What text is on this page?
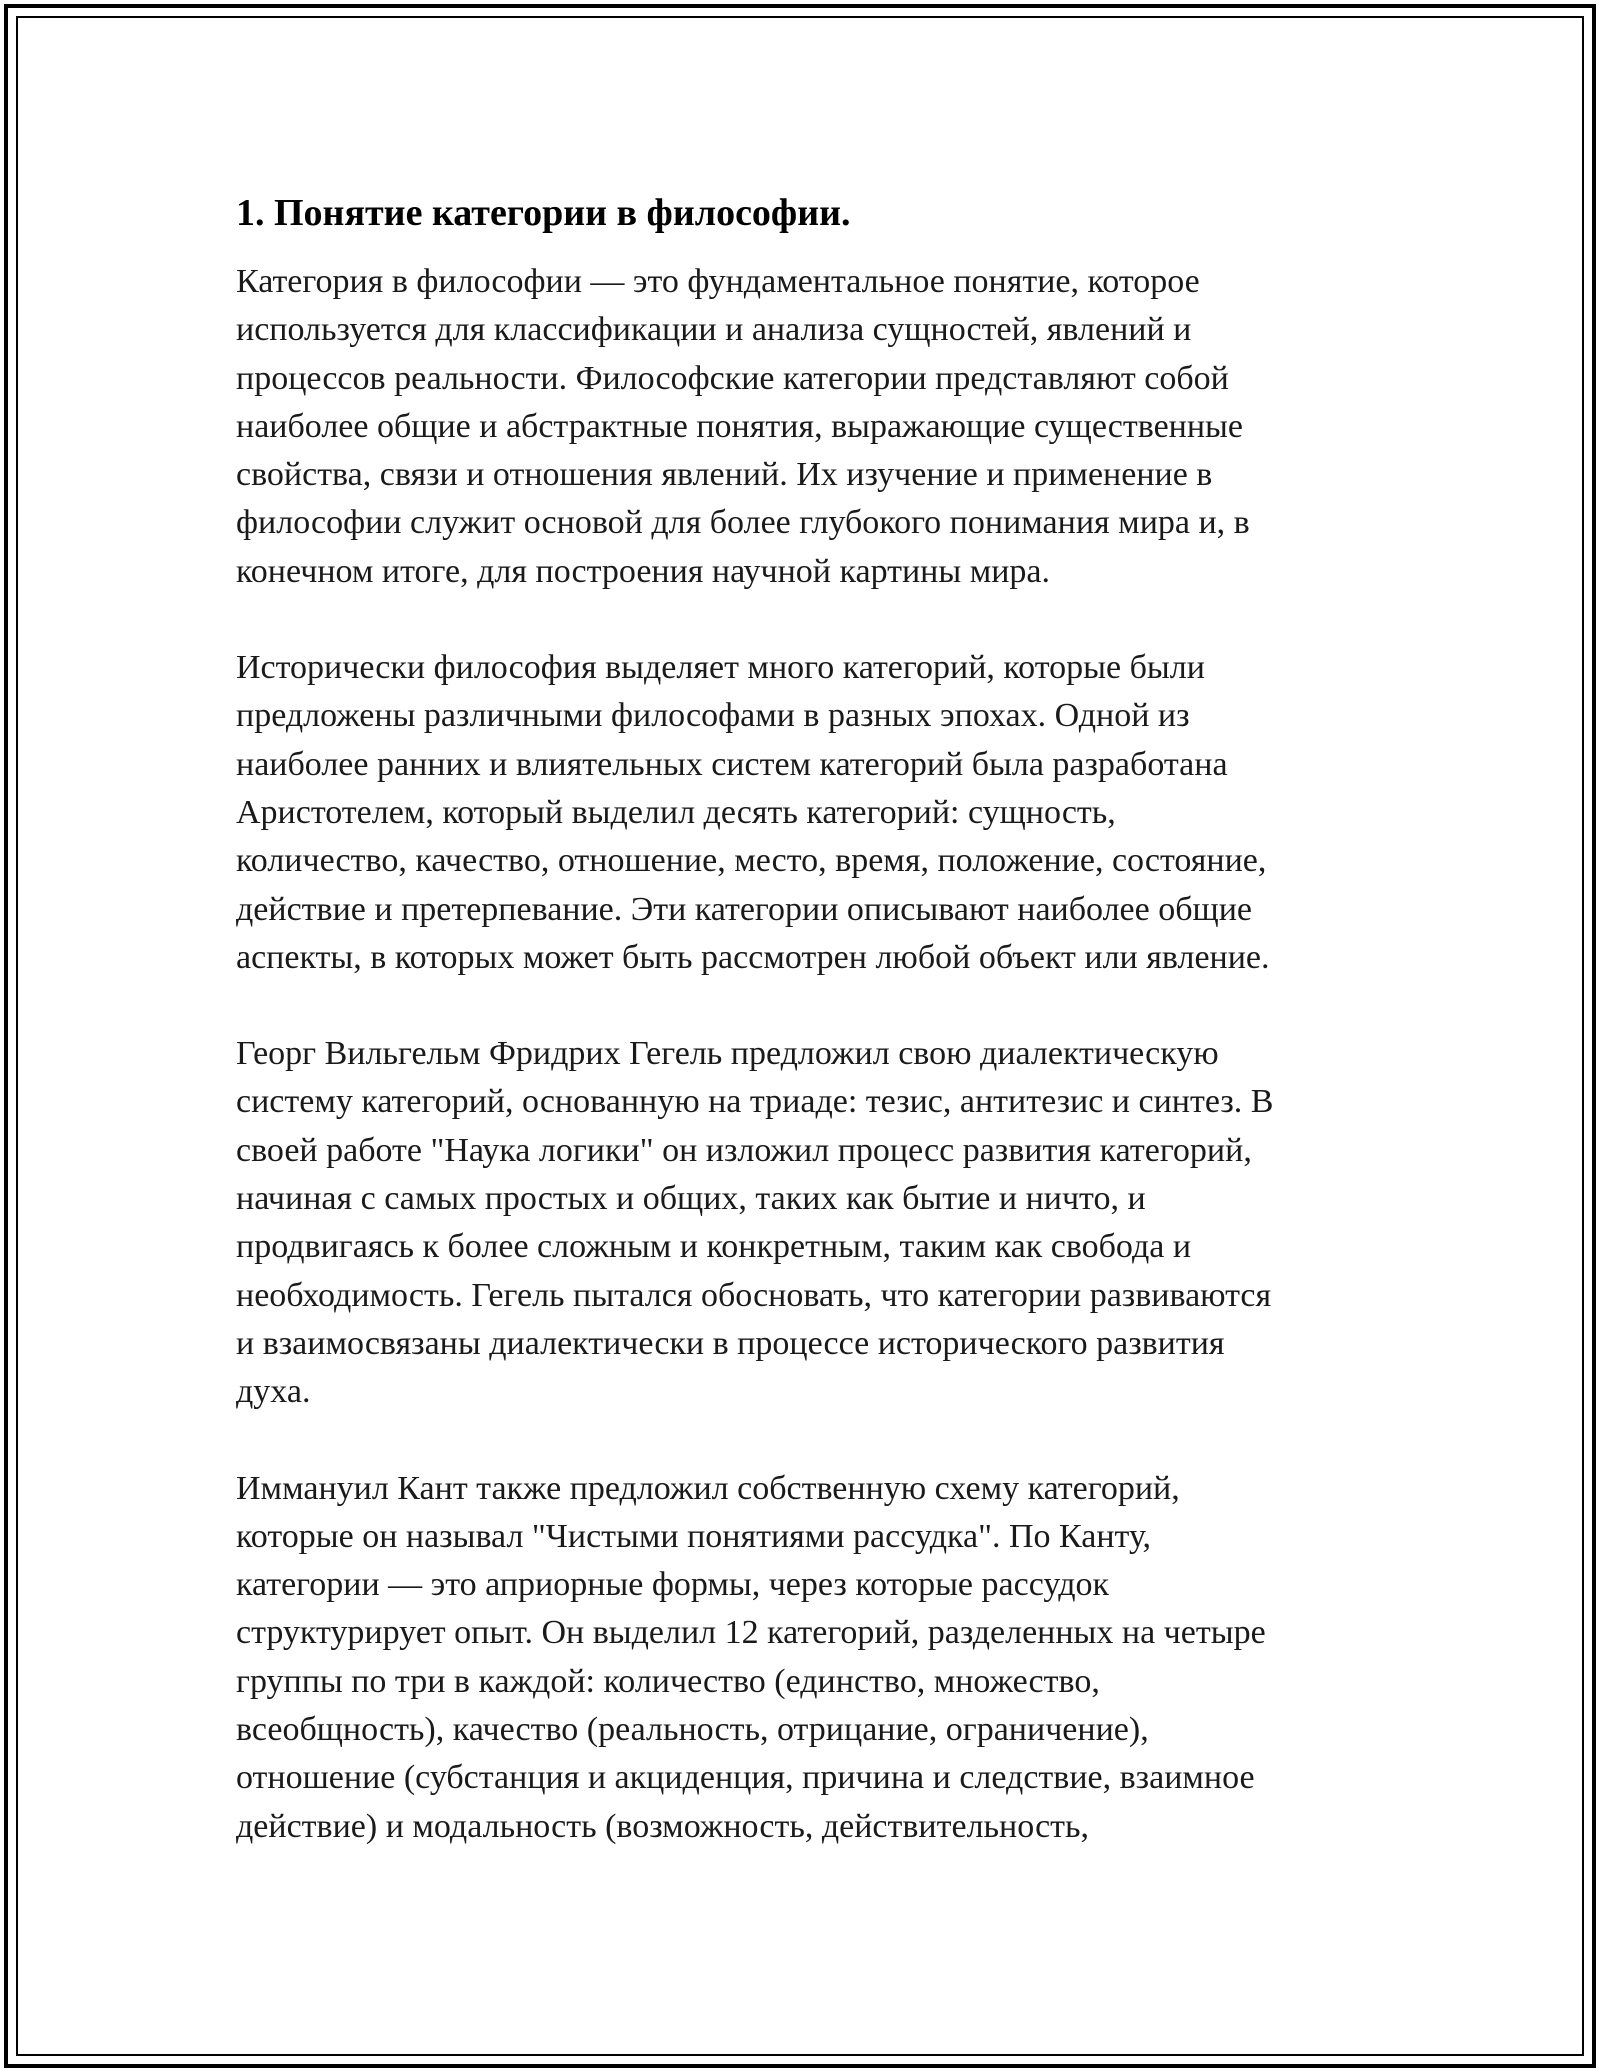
1. Понятие категории в философии.

Категория в философии — это фундаментальное понятие, которое
используется для классификации и анализа сущностей, явлений и
процессов реальности. Философские категории представляют собой
наиболее общие и абстрактные понятия, выражающие существенные
свойства, связи и отношения явлений. Их изучение и применение в
философии служит основой для более глубокого понимания мира и, в
конечном итоге, для построения научной картины мира.

Исторически философия выделяет много категорий, которые были
предложены различными философами в разных эпохах. Одной из
наиболее ранних и влиятельных систем категорий была разработана
Аристотелем, который выделил десять категорий: сущность,
количество, качество, отношение, место, время, положение, состояние,
действие и претерпевание. Эти категории описывают наиболее общие
аспекты, в которых может быть рассмотрен любой объект или явление.

Георг Вильгельм Фридрих Гегель предложил свою диалектическую
систему категорий, основанную на триаде: тезис, антитезис и синтез. В
своей работе "Наука логики" он изложил процесс развития категорий,
начиная с самых простых и общих, таких как бытие и ничто, и
продвигаясь к более сложным и конкретным, таким как свобода и
необходимость. Гегель пытался обосновать, что категории развиваются
и взаимосвязаны диалектически в процессе исторического развития
духа.

Иммануил Кант также предложил собственную схему категорий,
которые он называл "Чистыми понятиями рассудка". По Канту,
категории — это априорные формы, через которые рассудок
структурирует опыт. Он выделил 12 категорий, разделенных на четыре
группы по три в каждой: количество (единство, множество,
всеобщность), качество (реальность, отрицание, ограничение),
отношение (субстанция и акциденция, причина и следствие, взаимное
действие) и модальность (возможность, действительность,
